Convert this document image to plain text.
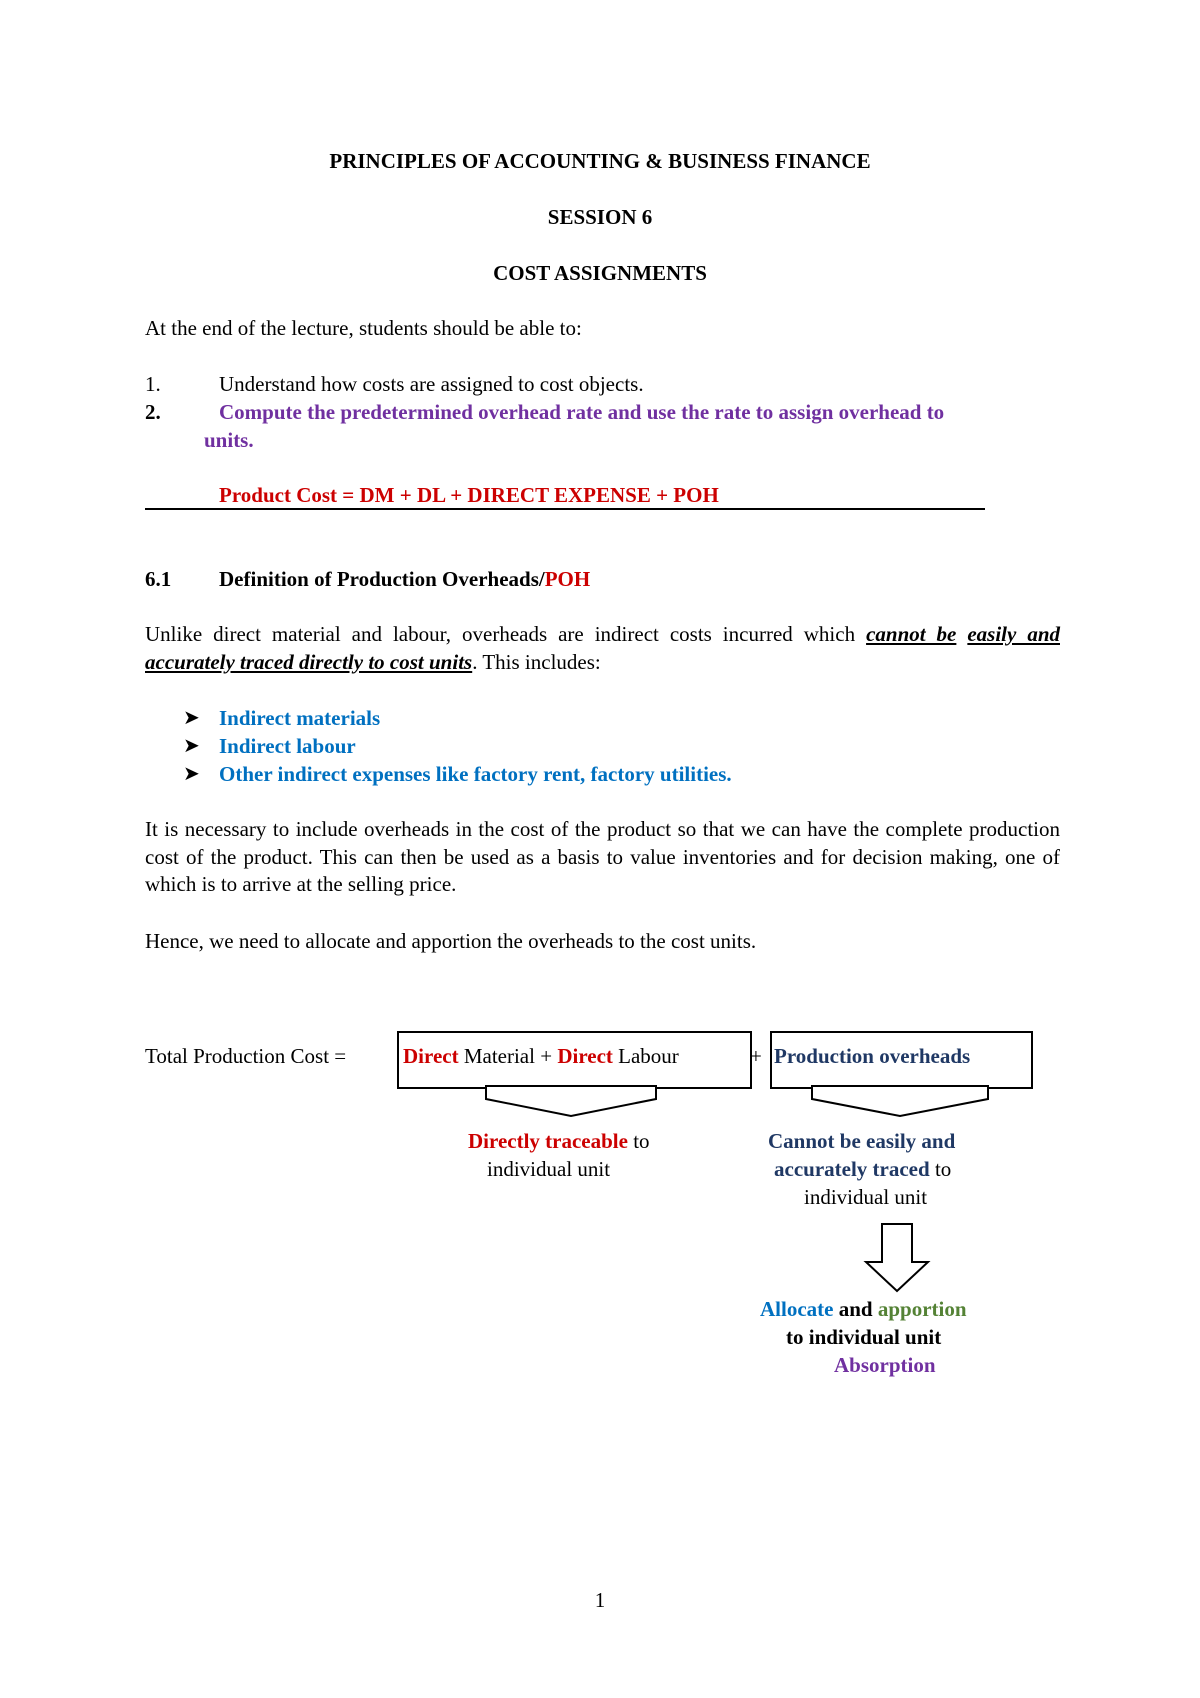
PRINCIPLES OF ACCOUNTING & BUSINESS FINANCE
SESSION 6
COST ASSIGNMENTS
At the end of the lecture, students should be able to:
1.	Understand how costs are assigned to cost objects.
2.	Compute the predetermined overhead rate and use the rate to assign overhead to
units.
Product Cost = DM + DL + DIRECT EXPENSE + POH
6.1 Definition of Production Overheads/POH
Unlike direct material and labour, overheads are indirect costs incurred which cannot be easily and accurately traced directly to cost units. This includes:
➤ Indirect materials
➤ Indirect labour
➤ Other indirect expenses like factory rent, factory utilities.
It is necessary to include overheads in the cost of the product so that we can have the complete production cost of the product. This can then be used as a basis to value inventories and for decision making, one of which is to arrive at the selling price.
Hence, we need to allocate and apportion the overheads to the cost units.
Total Production Cost =	Direct Material + Direct Labour	+ Production overheads
Directly traceable to
individual unit
Cannot be easily and
accurately traced to
individual unit
Allocate and apportion
to individual unit
Absorption
1
